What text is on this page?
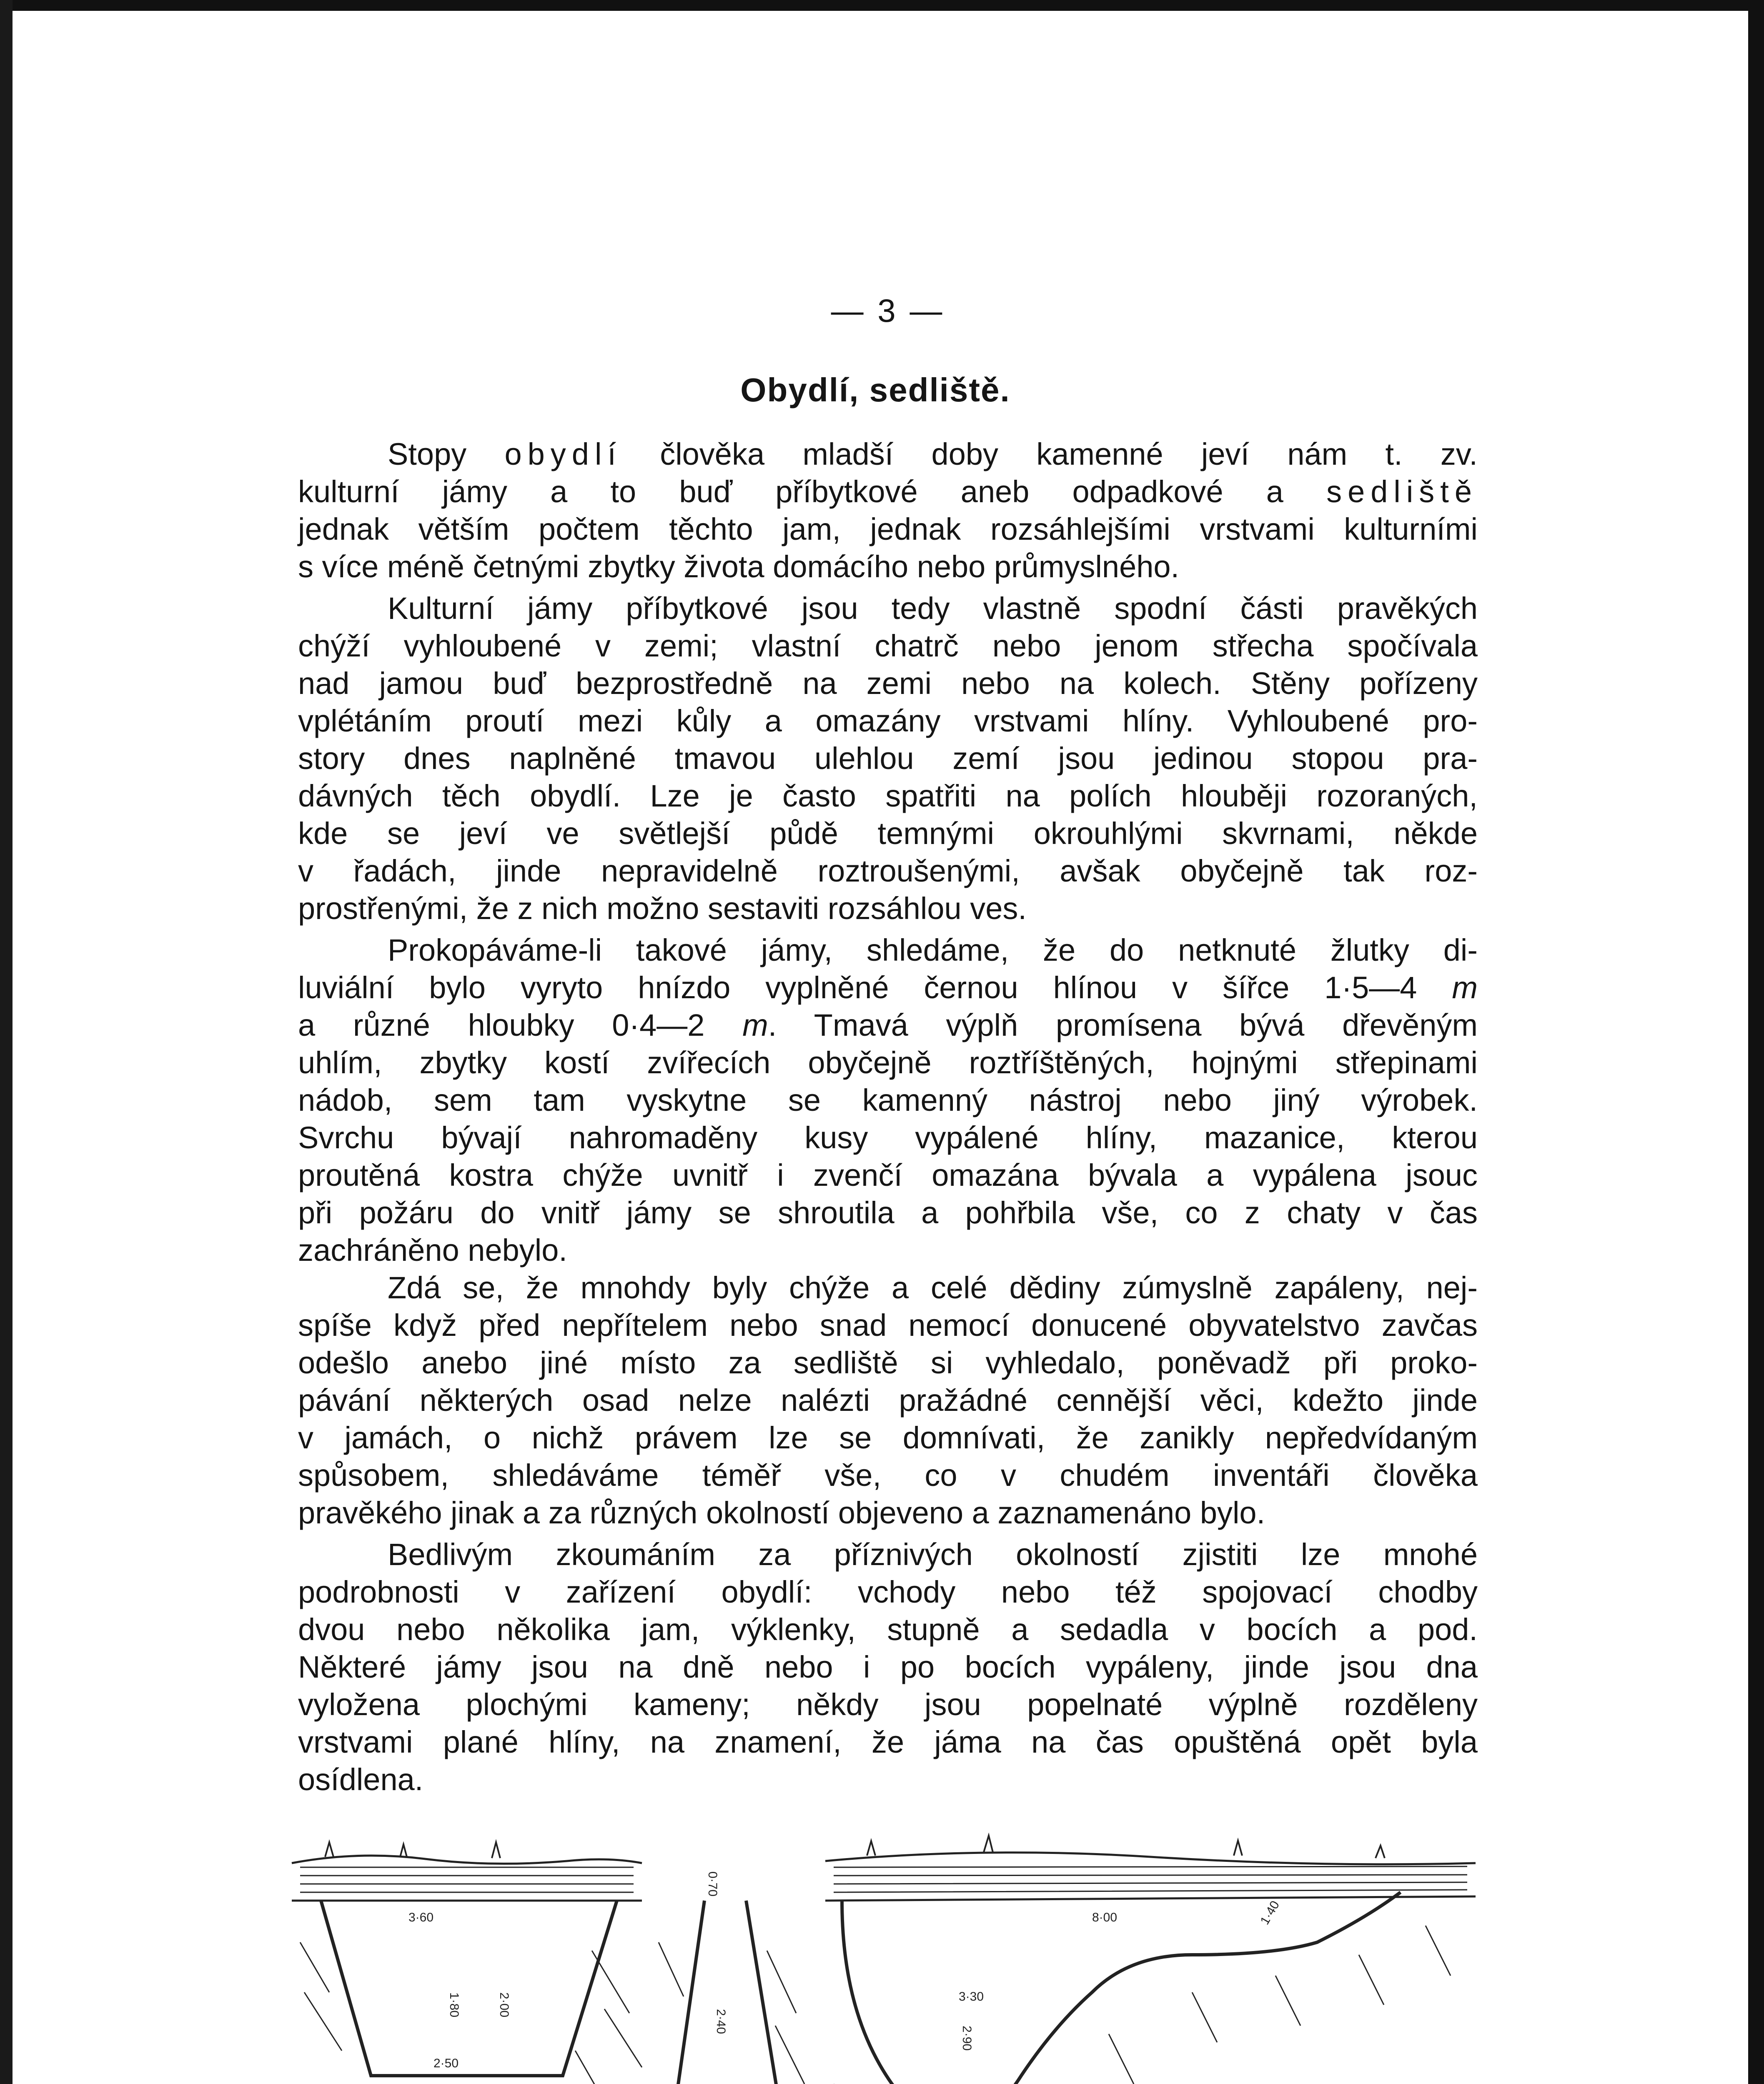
— 3 —
Obydlí, sedliště.
Stopy obydlí člověka mladší doby kamenné jeví nám t. zv.
kulturní jámy a to buď příbytkové aneb odpadkové a sedliště
jednak větším počtem těchto jam, jednak rozsáhlejšími vrstvami kulturními
s více méně četnými zbytky života domácího nebo průmyslného.
Kulturní jámy příbytkové jsou tedy vlastně spodní části pravěkých
chýží vyhloubené v zemi; vlastní chatrč nebo jenom střecha spočívala
nad jamou buď bezprostředně na zemi nebo na kolech. Stěny pořízeny
vplétáním proutí mezi kůly a omazány vrstvami hlíny. Vyhloubené pro-
story dnes naplněné tmavou ulehlou zemí jsou jedinou stopou pra-
dávných těch obydlí. Lze je často spatřiti na polích hlouběji rozoraných,
kde se jeví ve světlejší půdě temnými okrouhlými skvrnami, někde
v řadách, jinde nepravidelně roztroušenými, avšak obyčejně tak roz-
prostřenými, že z nich možno sestaviti rozsáhlou ves.
Prokopáváme-li takové jámy, shledáme, že do netknuté žlutky di-
luviální bylo vyryto hnízdo vyplněné černou hlínou v šířce 1·5—4 m
a různé hloubky 0·4—2 m. Tmavá výplň promísena bývá dřevěným
uhlím, zbytky kostí zvířecích obyčejně roztříštěných, hojnými střepinami
nádob, sem tam vyskytne se kamenný nástroj nebo jiný výrobek.
Svrchu bývají nahromaděny kusy vypálené hlíny, mazanice, kterou
proutěná kostra chýže uvnitř i zvenčí omazána bývala a vypálena jsouc
při požáru do vnitř jámy se shroutila a pohřbila vše, co z chaty v čas
zachráněno nebylo.
Zdá se, že mnohdy byly chýže a celé dědiny zúmyslně zapáleny, nej-
spíše když před nepřítelem nebo snad nemocí donucené obyvatelstvo zavčas
odešlo anebo jiné místo za sedliště si vyhledalo, poněvadž při proko-
pávání některých osad nelze nalézti pražádné cennější věci, kdežto jinde
v jamách, o nichž právem lze se domnívati, že zanikly nepředvídaným
spůsobem, shledáváme téměř vše, co v chudém inventáři člověka
pravěkého jinak a za různých okolností objeveno a zaznamenáno bylo.
Bedlivým zkoumáním za příznivých okolností zjistiti lze mnohé
podrobnosti v zařízení obydlí: vchody nebo též spojovací chodby
dvou nebo několika jam, výklenky, stupně a sedadla v bocích a pod.
Některé jámy jsou na dně nebo i po bocích vypáleny, jinde jsou dna
vyložena plochými kameny; někdy jsou popelnaté výplně rozděleny
vrstvami plané hlíny, na znamení, že jáma na čas opuštěná opět byla
osídlena.
3·60
1·80	2·00
2·50
0·70
2·40
8·00	1·40
3·30
2·90
